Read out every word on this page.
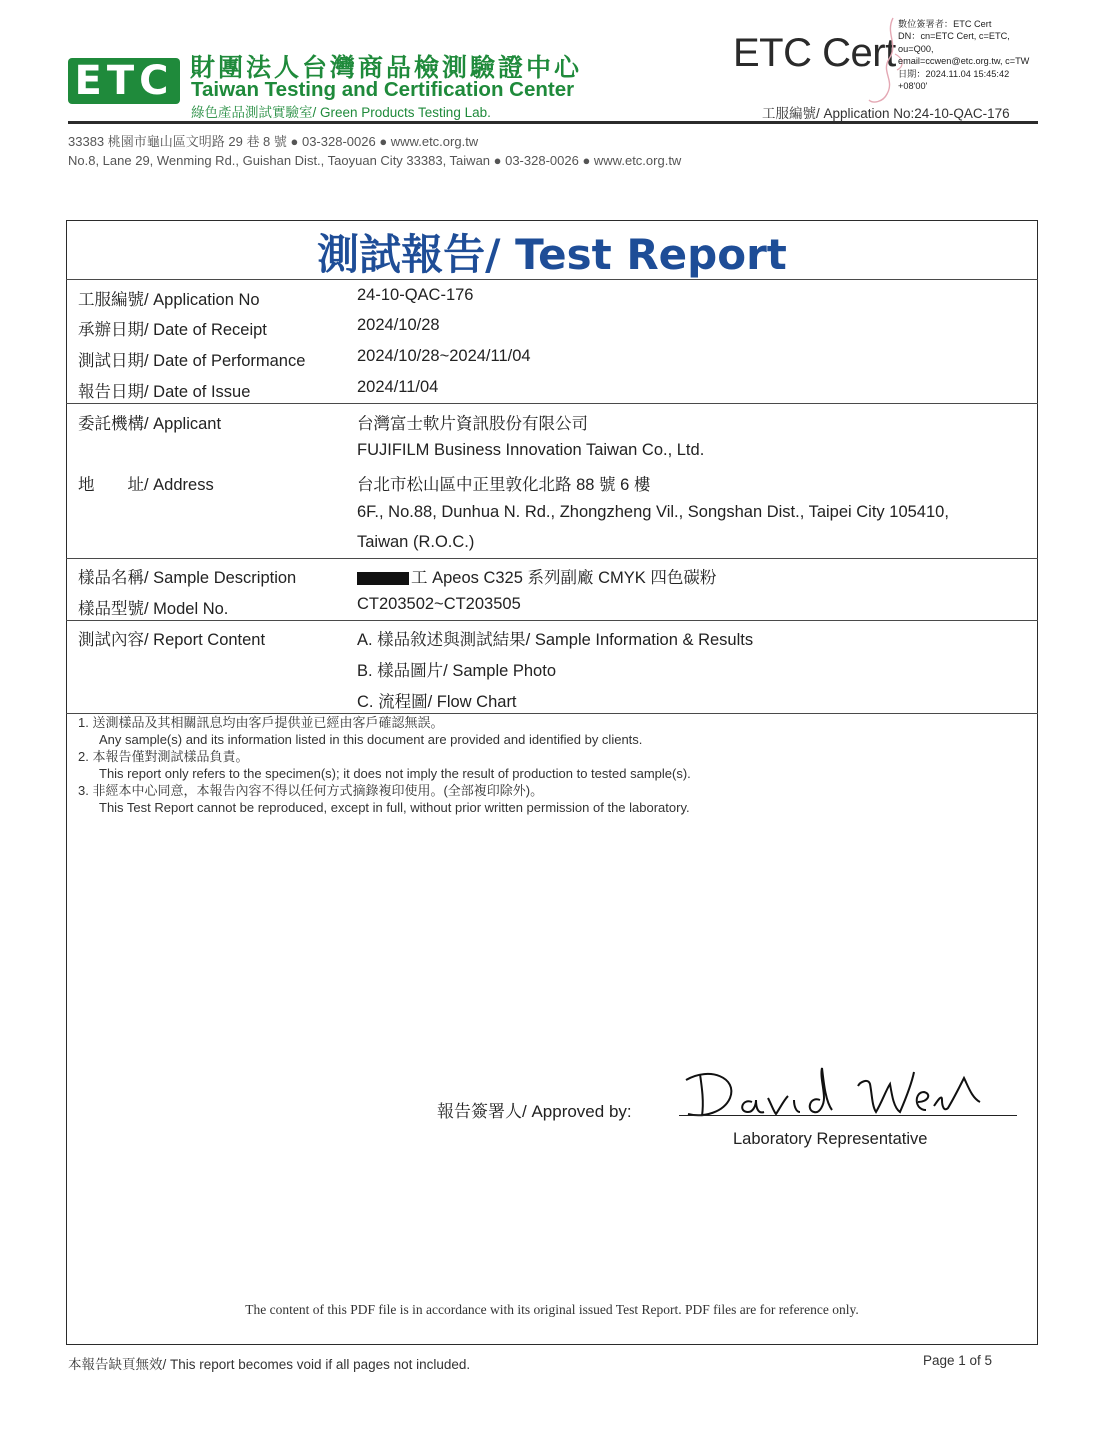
ETC 財團法人台灣商品檢測驗證中心
Taiwan Testing and Certification Center
綠色產品測試實驗室/ Green Products Testing Lab.
ETC Cert
數位簽署者：ETC Cert
DN：cn=ETC Cert, c=ETC,
ou=Q00,
email=ccwen@etc.org.tw, c=TW
日期：2024.11.04 15:45:42
+08'00'
工服編號/ Application No:24-10-QAC-176
33383 桃園市龜山區文明路 29 巷 8 號 ● 03-328-0026 ● www.etc.org.tw
No.8, Lane 29, Wenming Rd., Guishan Dist., Taoyuan City 33383, Taiwan ● 03-328-0026 ● www.etc.org.tw
測試報告/ Test Report
工服編號/ Application No	24-10-QAC-176
承辦日期/ Date of Receipt	2024/10/28
測試日期/ Date of Performance	2024/10/28~2024/11/04
報告日期/ Date of Issue	2024/11/04
委託機構/ Applicant	台灣富士軟片資訊股份有限公司
FUJIFILM Business Innovation Taiwan Co., Ltd.
地　　址/ Address	台北市松山區中正里敦化北路 88 號 6 樓
6F., No.88, Dunhua N. Rd., Zhongzheng Vil., Songshan Dist., Taipei City 105410,
Taiwan (R.O.C.)
樣品名稱/ Sample Description	工 Apeos C325 系列副廠 CMYK 四色碳粉
樣品型號/ Model No.	CT203502~CT203505
測試內容/ Report Content	A. 樣品敘述與測試結果/ Sample Information & Results
B. 樣品圖片/ Sample Photo
C. 流程圖/ Flow Chart
1. 送測樣品及其相關訊息均由客戶提供並已經由客戶確認無誤。
Any sample(s) and its information listed in this document are provided and identified by clients.
2. 本報告僅對測試樣品負責。
This report only refers to the specimen(s); it does not imply the result of production to tested sample(s).
3. 非經本中心同意，本報告內容不得以任何方式摘錄複印使用。(全部複印除外)。
This Test Report cannot be reproduced, except in full, without prior written permission of the laboratory.
報告簽署人/ Approved by:
Laboratory Representative
The content of this PDF file is in accordance with its original issued Test Report. PDF files are for reference only.
本報告缺頁無效/ This report becomes void if all pages not included.	Page 1 of 5
